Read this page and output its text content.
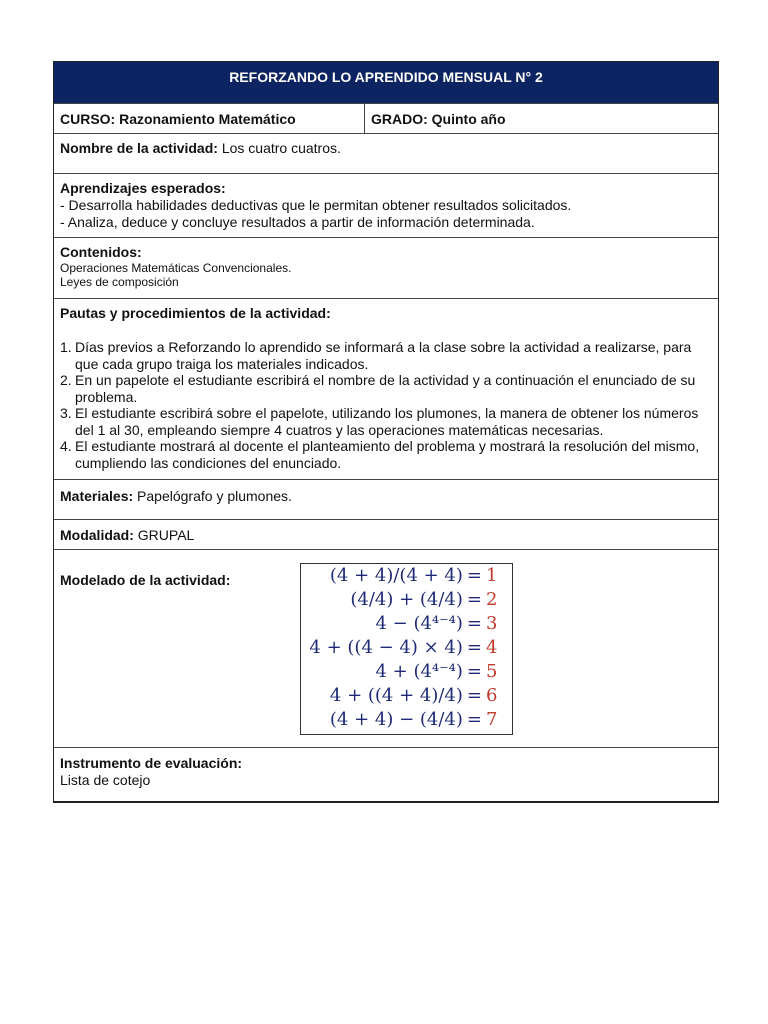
REFORZANDO LO APRENDIDO MENSUAL N° 2
CURSO: Razonamiento Matemático	GRADO: Quinto año
Nombre de la actividad: Los cuatro cuatros.
Aprendizajes esperados:
- Desarrolla habilidades deductivas que le permitan obtener resultados solicitados.
- Analiza, deduce y concluye resultados a partir de información determinada.
Contenidos:
Operaciones Matemáticas Convencionales.
Leyes de composición
Pautas y procedimientos de la actividad:
1. Días previos a Reforzando lo aprendido se informará a la clase sobre la actividad a realizarse, para que cada grupo traiga los materiales indicados.
2. En un papelote el estudiante escribirá el nombre de la actividad y a continuación el enunciado de su problema.
3. El estudiante escribirá sobre el papelote, utilizando los plumones, la manera de obtener los números del 1 al 30, empleando siempre 4 cuatros y las operaciones matemáticas necesarias.
4. El estudiante mostrará al docente el planteamiento del problema y mostrará la resolución del mismo, cumpliendo las condiciones del enunciado.
Materiales: Papelógrafo y plumones.
Modalidad: GRUPAL
Modelado de la actividad:	(4 + 4)/(4 + 4) = 1
(4/4) + (4/4) = 2
4 − (4⁴⁻⁴) = 3
4 + ((4 − 4) × 4) = 4
4 + (4⁴⁻⁴) = 5
4 + ((4 + 4)/4) = 6
(4 + 4) − (4/4) = 7
Instrumento de evaluación:
Lista de cotejo
